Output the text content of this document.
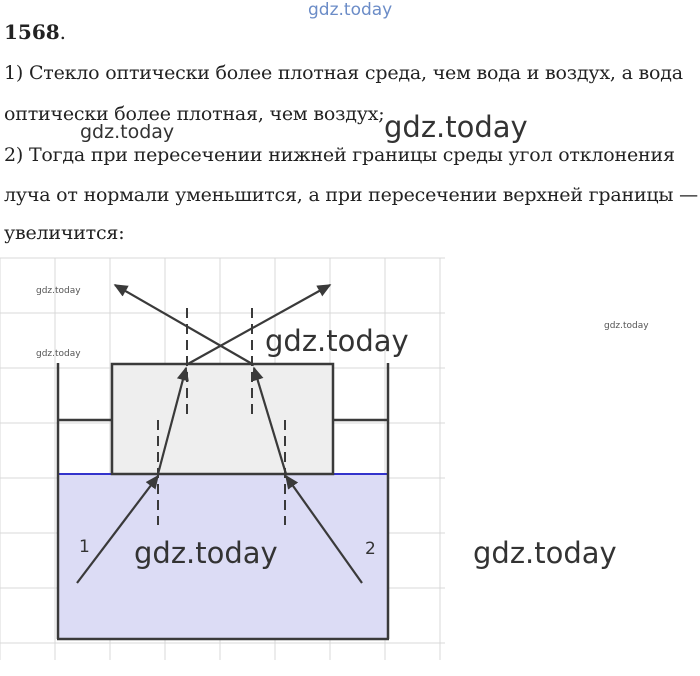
gdz.today
1568.
1) Стекло оптически более плотная среда, чем вода и воздух, а вода
оптически более плотная, чем воздух;
2) Тогда при пересечении нижней границы среды угол отклонения
луча от нормали уменьшится, а при пересечении верхней границы —
увеличится:
gdz.today	gdz.today
1	2
gdz.today
gdz.today
gdz.today
gdz.today
gdz.today	gdz.today
